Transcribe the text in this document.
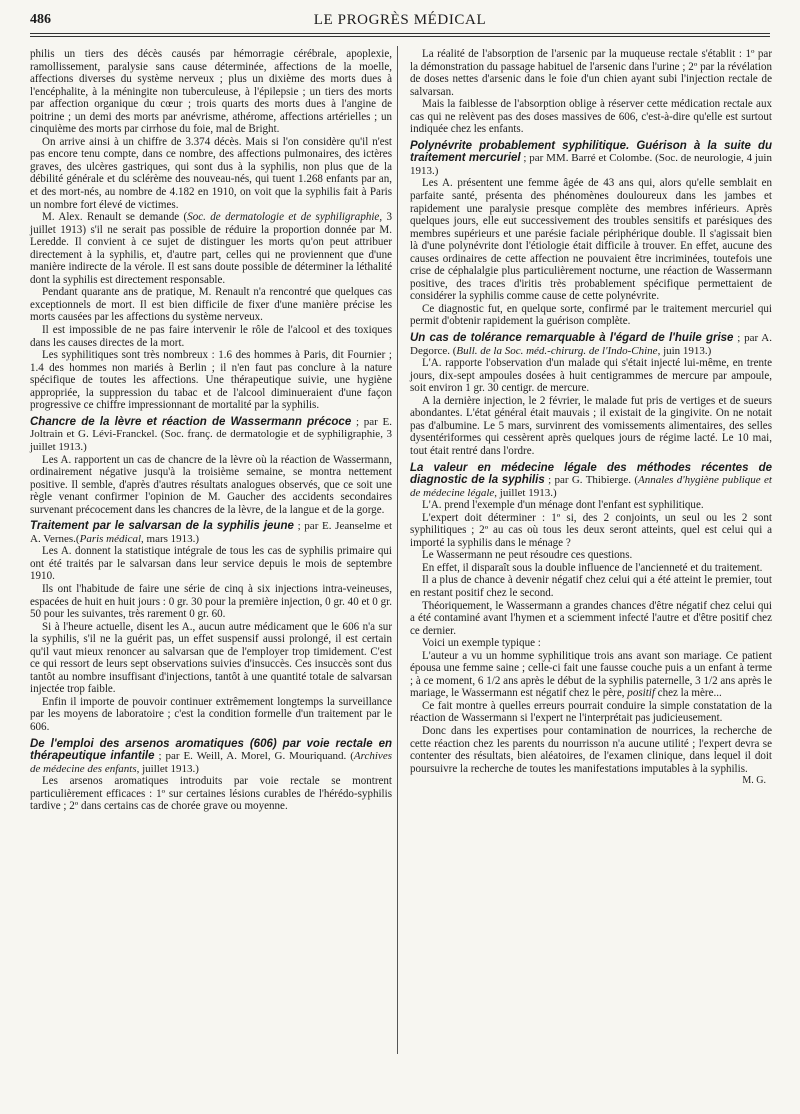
486	LE PROGRÈS MÉDICAL

philis un tiers des décès causés par hémorragie cérébrale, apoplexie, ramollissement, paralysie sans cause déterminée, affections de la moelle, affections diverses du système nerveux ; plus un dixième des morts dues à l'encéphalite, à la méningite non tuberculeuse, à l'épilepsie ; un tiers des morts par affection organique du cœur ; trois quarts des morts dues à l'angine de poitrine ; un demi des morts par anévrisme, athérome, affections artérielles ; un cinquième des morts par cirrhose du foie, mal de Bright.

On arrive ainsi à un chiffre de 3.374 décès. Mais si l'on considère qu'il n'est pas encore tenu compte, dans ce nombre, des affections pulmonaires, des ictères graves, des ulcères gastriques, qui sont dus à la syphilis, non plus que de la débilité générale et du sclérème des nouveau-nés, qui tuent 1.268 enfants par an, et des mort-nés, au nombre de 4.182 en 1910, on voit que la syphilis fait à Paris un nombre fort élevé de victimes.

M. Alex. Renault se demande (Soc. de dermatologie et de syphiligraphie, 3 juillet 1913) s'il ne serait pas possible de réduire la proportion donnée par M. Leredde. Il convient à ce sujet de distinguer les morts qu'on peut attribuer directement à la syphilis, et, d'autre part, celles qui ne proviennent que d'une manière indirecte de la vérole. Il est sans doute possible de déterminer la léthalité dont la syphilis est directement responsable.

Pendant quarante ans de pratique, M. Renault n'a rencontré que quelques cas exceptionnels de mort. Il est bien difficile de fixer d'une manière précise les morts causées par les affections du système nerveux.

Il est impossible de ne pas faire intervenir le rôle de l'alcool et des toxiques dans les causes directes de la mort.

Les syphilitiques sont très nombreux : 1.6 des hommes à Paris, dit Fournier ; 1.4 des hommes non mariés à Berlin ; il n'en faut pas conclure à la nature spécifique de toutes les affections. Une thérapeutique suivie, une hygiène appropriée, la suppression du tabac et de l'alcool diminueraient d'une façon progressive ce chiffre impressionnant de mortalité par la syphilis.

Chancre de la lèvre et réaction de Wassermann précoce ; par E. Joltrain et G. Lévi-Franckel. (Soc. franç. de dermatologie et de syphiligraphie, 3 juillet 1913.)

Les A. rapportent un cas de chancre de la lèvre où la réaction de Wassermann, ordinairement négative jusqu'à la troisième semaine, se montra nettement positive. Il semble, d'après d'autres résultats analogues observés, que ce soit une règle venant confirmer l'opinion de M. Gaucher des accidents secondaires survenant précocement dans les chancres de la lèvre, de la langue et de la gorge.

Traitement par le salvarsan de la syphilis jeune ; par E. Jeanselme et A. Vernes.(Paris médical, mars 1913.)

Les A. donnent la statistique intégrale de tous les cas de syphilis primaire qui ont été traités par le salvarsan dans leur service depuis le mois de septembre 1910.

Ils ont l'habitude de faire une série de cinq à six injections intra-veineuses, espacées de huit en huit jours : 0 gr. 30 pour la première injection, 0 gr. 40 et 0 gr. 50 pour les suivantes, très rarement 0 gr. 60.

Si à l'heure actuelle, disent les A., aucun autre médicament que le 606 n'a sur la syphilis, s'il ne la guérit pas, un effet suspensif aussi prolongé, il est certain qu'il vaut mieux renoncer au salvarsan que de l'employer trop timidement. C'est ce qui ressort de leurs sept observations suivies d'insuccès. Ces insuccès sont dus tantôt au nombre insuffisant d'injections, tantôt à une quantité totale de salvarsan injectée trop faible.

Enfin il importe de pouvoir continuer extrêmement longtemps la surveillance par les moyens de laboratoire ; c'est la condition formelle d'un traitement par le 606.

De l'emploi des arsenos aromatiques (606) par voie rectale en thérapeutique infantile ; par E. Weill, A. Morel, G. Mouriquand. (Archives de médecine des enfants, juillet 1913.)

Les arsenos aromatiques introduits par voie rectale se montrent particulièrement efficaces : 1º sur certaines lésions curables de l'hérédo-syphilis tardive ; 2º dans certains cas de chorée grave ou moyenne.

La réalité de l'absorption de l'arsenic par la muqueuse rectale s'établit : 1º par la démonstration du passage habituel de l'arsenic dans l'urine ; 2º par la révélation de doses nettes d'arsenic dans le foie d'un chien ayant subi l'injection rectale de salvarsan.

Mais la faiblesse de l'absorption oblige à réserver cette médication rectale aux cas qui ne relèvent pas des doses massives de 606, c'est-à-dire qu'elle est surtout indiquée chez les enfants.

Polynévrite probablement syphilitique. Guérison à la suite du traitement mercuriel ; par MM. Barré et Colombe. (Soc. de neurologie, 4 juin 1913.)

Les A. présentent une femme âgée de 43 ans qui, alors qu'elle semblait en parfaite santé, présenta des phénomènes douloureux dans les jambes et rapidement une paralysie presque complète des membres inférieurs. Après quelques jours, elle eut successivement des troubles sensitifs et parésiques des membres supérieurs et une parésie faciale périphérique double. Il s'agissait bien là d'une polynévrite dont l'étiologie était difficile à trouver. En effet, aucune des causes ordinaires de cette affection ne pouvaient être incriminées, toutefois une crise de céphalalgie plus particulièrement nocturne, une réaction de Wassermann positive, des traces d'iritis très probablement spécifique permettaient de considérer la syphilis comme cause de cette polynévrite.

Ce diagnostic fut, en quelque sorte, confirmé par le traitement mercuriel qui permit d'obtenir rapidement la guérison complète.

Un cas de tolérance remarquable à l'égard de l'huile grise ; par A. Degorce. (Bull. de la Soc. méd.-chirurg. de l'Indo-Chine, juin 1913.)

L'A. rapporte l'observation d'un malade qui s'était injecté lui-même, en trente jours, dix-sept ampoules dosées à huit centigrammes de mercure par ampoule, soit environ 1 gr. 30 centigr. de mercure.

A la dernière injection, le 2 février, le malade fut pris de vertiges et de sueurs abondantes. L'état général était mauvais ; il existait de la gingivite. On ne notait pas d'albumine. Le 5 mars, survinrent des vomissements alimentaires, des selles dysentériformes qui cessèrent après quelques jours de régime lacté. Le 10 mai, tout était rentré dans l'ordre.

La valeur en médecine légale des méthodes récentes de diagnostic de la syphilis ; par G. Thibierge. (Annales d'hygiène publique et de médecine légale, juillet 1913.)

L'A. prend l'exemple d'un ménage dont l'enfant est syphilitique.

L'expert doit déterminer : 1º si, des 2 conjoints, un seul ou les 2 sont syphilitiques ; 2º au cas où tous les deux seront atteints, quel est celui qui a importé la syphilis dans le ménage ?

Le Wassermann ne peut résoudre ces questions.

En effet, il disparaît sous la double influence de l'ancienneté et du traitement.

Il a plus de chance à devenir négatif chez celui qui a été atteint le premier, tout en restant positif chez le second.

Théoriquement, le Wassermann a grandes chances d'être négatif chez celui qui a été contaminé avant l'hymen et a sciemment infecté l'autre et d'être positif chez ce dernier.

Voici un exemple typique :

L'auteur a vu un homme syphilitique trois ans avant son mariage. Ce patient épousa une femme saine ; celle-ci fait une fausse couche puis a un enfant à terme ; à ce moment, 6 1/2 ans après le début de la syphilis paternelle, 3 1/2 ans après le mariage, le Wassermann est négatif chez le père, positif chez la mère...

Ce fait montre à quelles erreurs pourrait conduire la simple constatation de la réaction de Wassermann si l'expert ne l'interprétait pas judicieusement.

Donc dans les expertises pour contamination de nourrices, la recherche de cette réaction chez les parents du nourrisson n'a aucune utilité ; l'expert devra se contenter des résultats, bien aléatoires, de l'examen clinique, dans lequel il doit poursuivre la recherche de toutes les manifestations imputables à la syphilis.

M. G.
